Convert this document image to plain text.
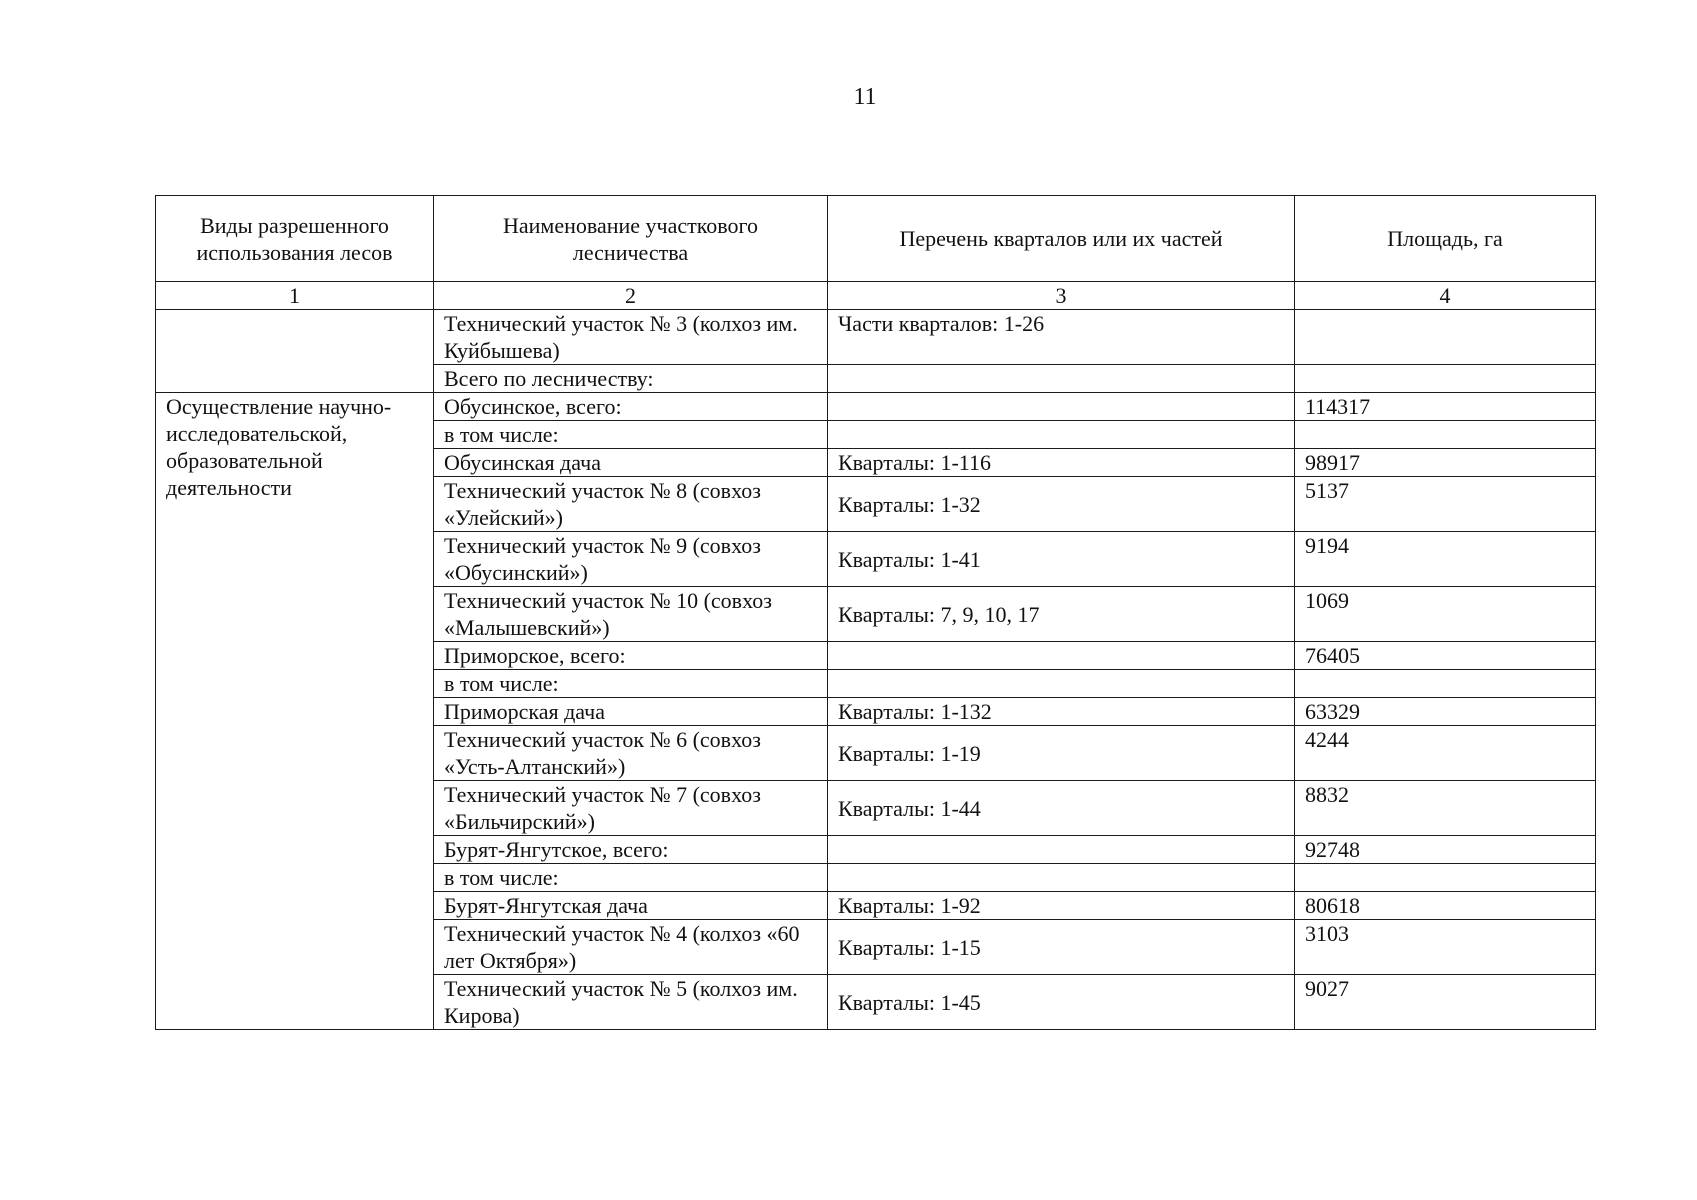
11
Виды разрешенного использования лесов	Наименование участкового лесничества	Перечень кварталов или их частей	Площадь, га
1	2	3	4
	Технический участок № 3 (колхоз им. Куйбышева)	Части кварталов: 1-26	
	Всего по лесничеству:		
Осуществление научно-исследовательской, образовательной деятельности	Обусинское, всего:		114317
	в том числе:		
	Обусинская дача	Кварталы: 1-116	98917
	Технический участок № 8 (совхоз «Улейский»)	Кварталы: 1-32	5137
	Технический участок № 9 (совхоз «Обусинский»)	Кварталы: 1-41	9194
	Технический участок № 10 (совхоз «Малышевский»)	Кварталы: 7, 9, 10, 17	1069
	Приморское, всего:		76405
	в том числе:		
	Приморская дача	Кварталы: 1-132	63329
	Технический участок № 6 (совхоз «Усть-Алтанский»)	Кварталы: 1-19	4244
	Технический участок № 7 (совхоз «Бильчирский»)	Кварталы: 1-44	8832
	Бурят-Янгутское, всего:		92748
	в том числе:		
	Бурят-Янгутская дача	Кварталы: 1-92	80618
	Технический участок № 4 (колхоз «60 лет Октября»)	Кварталы: 1-15	3103
	Технический участок № 5 (колхоз им. Кирова)	Кварталы: 1-45	9027
